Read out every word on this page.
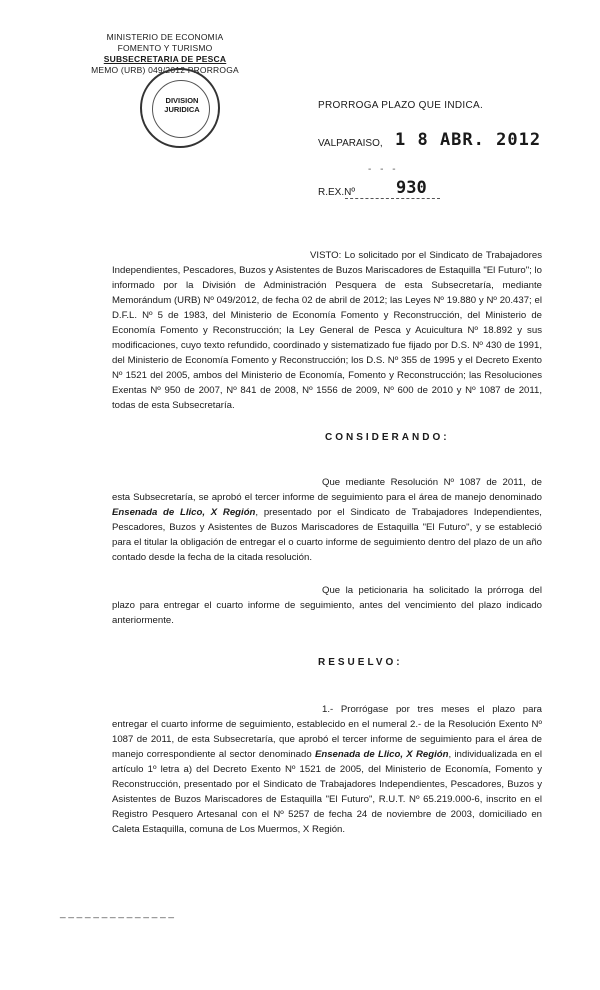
MINISTERIO DE ECONOMIA
FOMENTO Y TURISMO
SUBSECRETARIA DE PESCA
MEMO (URB) 049/2012 PRORROGA
DIVISION
JURIDICA	PRORROGA PLAZO QUE INDICA.
VALPARAISO, 1 8 ABR. 2012
- - -
R.EX.Nº 930
VISTO: Lo solicitado por el Sindicato de Trabajadores Independientes, Pescadores, Buzos y Asistentes de Buzos Mariscadores de Estaquilla "El Futuro"; lo informado por la División de Administración Pesquera de esta Subsecretaría, mediante Memorándum (URB) Nº 049/2012, de fecha 02 de abril de 2012; las Leyes Nº 19.880 y Nº 20.437; el D.F.L. Nº 5 de 1983, del Ministerio de Economía Fomento y Reconstrucción, del Ministerio de Economía Fomento y Reconstrucción; la Ley General de Pesca y Acuicultura Nº 18.892 y sus modificaciones, cuyo texto refundido, coordinado y sistematizado fue fijado por D.S. Nº 430 de 1991, del Ministerio de Economía Fomento y Reconstrucción; los D.S. Nº 355 de 1995 y el Decreto Exento Nº 1521 del 2005, ambos del Ministerio de Economía, Fomento y Reconstrucción; las Resoluciones Exentas Nº 950 de 2007, Nº 841 de 2008, Nº 1556 de 2009, Nº 600 de 2010 y Nº 1087 de 2011, todas de esta Subsecretaría.
CONSIDERANDO:
Que mediante Resolución Nº 1087 de 2011, de esta Subsecretaría, se aprobó el tercer informe de seguimiento para el área de manejo denominado Ensenada de Llico, X Región, presentado por el Sindicato de Trabajadores Independientes, Pescadores, Buzos y Asistentes de Buzos Mariscadores de Estaquilla "El Futuro", y se estableció para el titular la obligación de entregar el o cuarto informe de seguimiento dentro del plazo de un año contado desde la fecha de la citada resolución.
Que la peticionaria ha solicitado la prórroga del plazo para entregar el cuarto informe de seguimiento, antes del vencimiento del plazo indicado anteriormente.
RESUELVO:
1.- Prorrógase por tres meses el plazo para entregar el cuarto informe de seguimiento, establecido en el numeral 2.- de la Resolución Exento Nº 1087 de 2011, de esta Subsecretaría, que aprobó el tercer informe de seguimiento para el área de manejo correspondiente al sector denominado Ensenada de Llico, X Región, individualizada en el artículo 1º letra a) del Decreto Exento Nº 1521 de 2005, del Ministerio de Economía, Fomento y Reconstrucción, presentado por el Sindicato de Trabajadores Independientes, Pescadores, Buzos y Asistentes de Buzos Mariscadores de Estaquilla "El Futuro", R.U.T. Nº 65.219.000-6, inscrito en el Registro Pesquero Artesanal con el Nº 5257 de fecha 24 de noviembre de 2003, domiciliado en Caleta Estaquilla, comuna de Los Muermos, X Región.
_ _ _ _ _ _ _ _ _ _ _ _ _ _
